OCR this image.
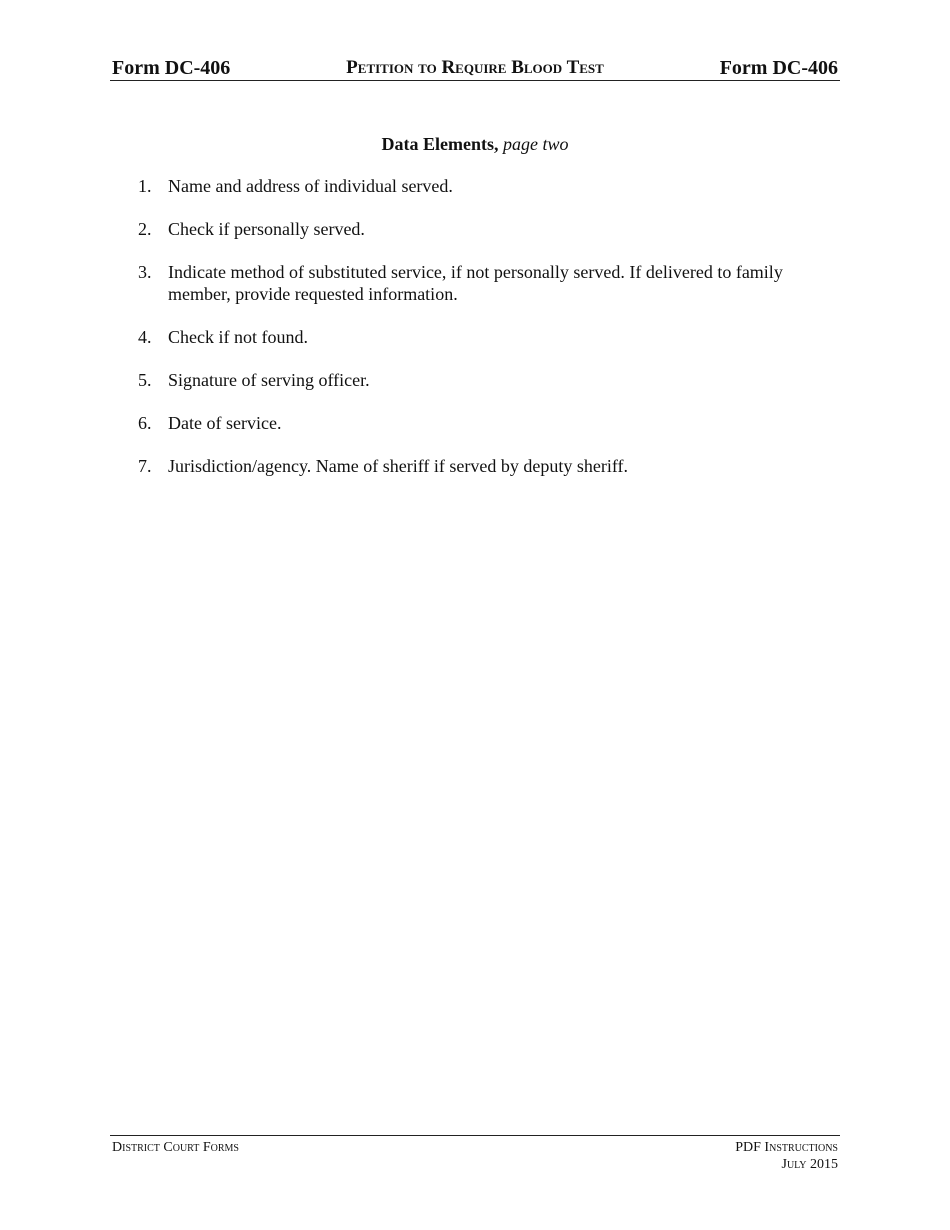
Form DC-406	Petition to Require Blood Test	Form DC-406
Data Elements, page two
1. Name and address of individual served.
2. Check if personally served.
3. Indicate method of substituted service, if not personally served. If delivered to family member, provide requested information.
4. Check if not found.
5. Signature of serving officer.
6. Date of service.
7. Jurisdiction/agency. Name of sheriff if served by deputy sheriff.
District Court Forms	PDF Instructions
July 2015
